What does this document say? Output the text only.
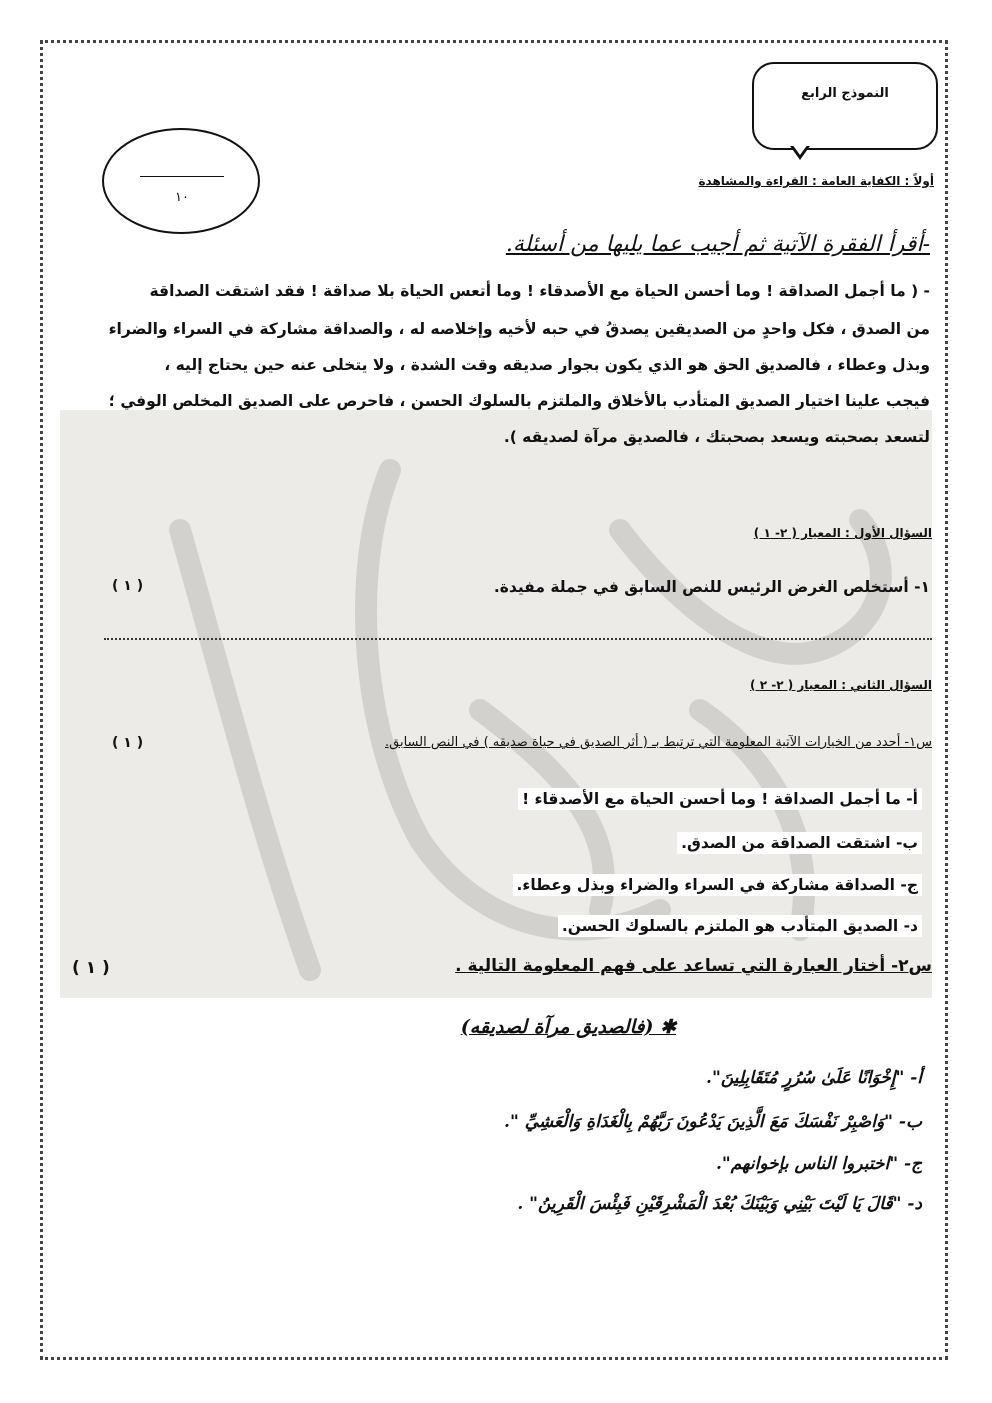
النموذج الرابع
١٠
أولاً : الكفاية العامة : القراءة والمشاهدة
-أقرأ الفقرة الآتية ثم أجيب عما يليها من أسئلة.
- ( ما أجمل الصداقة ! وما أحسن الحياة مع الأصدقاء ! وما أتعس الحياة بلا صداقة ! فقد اشتقت الصداقة
من الصدق ، فكل واحدٍ من الصديقين يصدقُ في حبه لأخيه وإخلاصه له ، والصداقة مشاركة في السراء والضراء
وبذل وعطاء ، فالصديق الحق هو الذي يكون بجوار صديقه وقت الشدة ، ولا يتخلى عنه حين يحتاج إليه ،
فيجب علينا اختيار الصديق المتأدب بالأخلاق والملتزم بالسلوك الحسن ، فاحرص على الصديق المخلص الوفي ؛
لتسعد بصحبته ويسعد بصحبتك ، فالصديق مرآة لصديقه ).
السؤال الأول : المعيار ( ٢- ١ )
١- أستخلص الغرض الرئيس للنص السابق في جملة مفيدة.
( ١ )
السؤال الثاني : المعيار ( ٢- ٢ )
س١- أحدد من الخيارات الآتية المعلومة التي ترتبط بـ ( أثر الصديق في حياة صديقه ) في النص السابق.
( ١ )
أ- ما أجمل الصداقة ! وما أحسن الحياة مع الأصدقاء !
ب- اشتقت الصداقة من الصدق.
ج- الصداقة مشاركة في السراء والضراء وبذل وعطاء.
د- الصديق المتأدب هو الملتزم بالسلوك الحسن.
س٢- أختار العبارة التي تساعد على فهم المعلومة التالية .
( ١ )
✱ (فالصديق مرآة لصديقه)
أ- "إِخْوَانًا عَلَىٰ سُرُرٍ مُتَقَابِلِينَ".
ب- "وَاصْبِرْ نَفْسَكَ مَعَ الَّذِينَ يَدْعُونَ رَبَّهُمْ بِالْغَدَاةِ وَالْعَشِيِّ ".
ج- "اختبروا الناس بإخوانهم".
د- "قَالَ يَا لَيْتَ بَيْنِي وَبَيْنَكَ بُعْدَ الْمَشْرِقَيْنِ فَبِئْسَ الْقَرِينُ" .
